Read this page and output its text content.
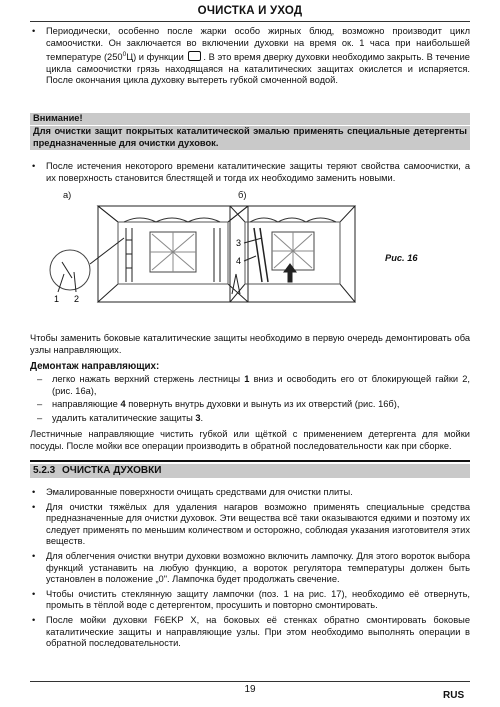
ОЧИСТКА И УХОД
• Периодически, особенно после жарки особо жирных блюд, возможно производит цикл самоочистки. Он заключается во включении духовки на время ок. 1 часа при наибольшей температуре $(250^0Ц)$ и функции . В это время дверку духовки необходимо закрыть. В течение цикла самоочистки грязь находящаяся на каталитических защитах окислется и испаряется. После окончания цикла духовку вытереть губкой смоченной водой.
Внимание!
Для очистки защит покрытых каталитической эмалью применять специальные детергенты предназначенные для очистки духовок.
• После истечения некоторого времени каталитические защиты теряют свойства самоочистки, а их поверхность становится блестящей и тогда их необходимо заменить новыми.
а)	б)
Рис. 16
1 2
3
4
Чтобы заменить боковые каталитические защиты необходимо в первую очередь демонтировать оба узлы направляющих.
Демонтаж направляющих:
– легко нажать верхний стержень лестницы 1 вниз и освободить его от блокирующей гайки 2, (рис. 16а),
– направляющие 4 повернуть внутрь духовки и вынуть из их отверстий (рис. 16б),
– удалить каталитические защиты 3.
Лестничные направляющие чистить губкой или щёткой с применением детергента для мойки посуды. После мойки все операции производить в обратной последовательности как при сборке.
5.2.3 ОЧИСТКА ДУХОВКИ
• Эмалированные поверхности очищать средствами для очистки плиты.
• Для очистки тяжёлых для удаления нагаров возможно применять специальные средства предназначенные для очистки духовок. Эти вещества всё таки оказываются едкими и поэтому их следует применять по меньшим количеством и осторожно, соблюдая указания изготовителя этих веществ.
• Для облегчения очистки внутри духовки возможно включить лампочку. Для этого вороток выбора функций устанавить на любую функцию, а вороток регулятора температуры должен быть установлен в положение „0". Лампочка будет продолжать свечение.
• Чтобы очистить стеклянную защиту лампочки (поз. 1 на рис. 17), необходимо её отвернуть, промыть в тёплой воде с детергентом, просушить и повторно смонтировать.
• После мойки духовки F6EKP X, на боковых её стенках обратно смонтировать боковые каталитические защиты и направляющие узлы. При этом необходимо выполнять операции в обратной последовательности.
19
RUS
